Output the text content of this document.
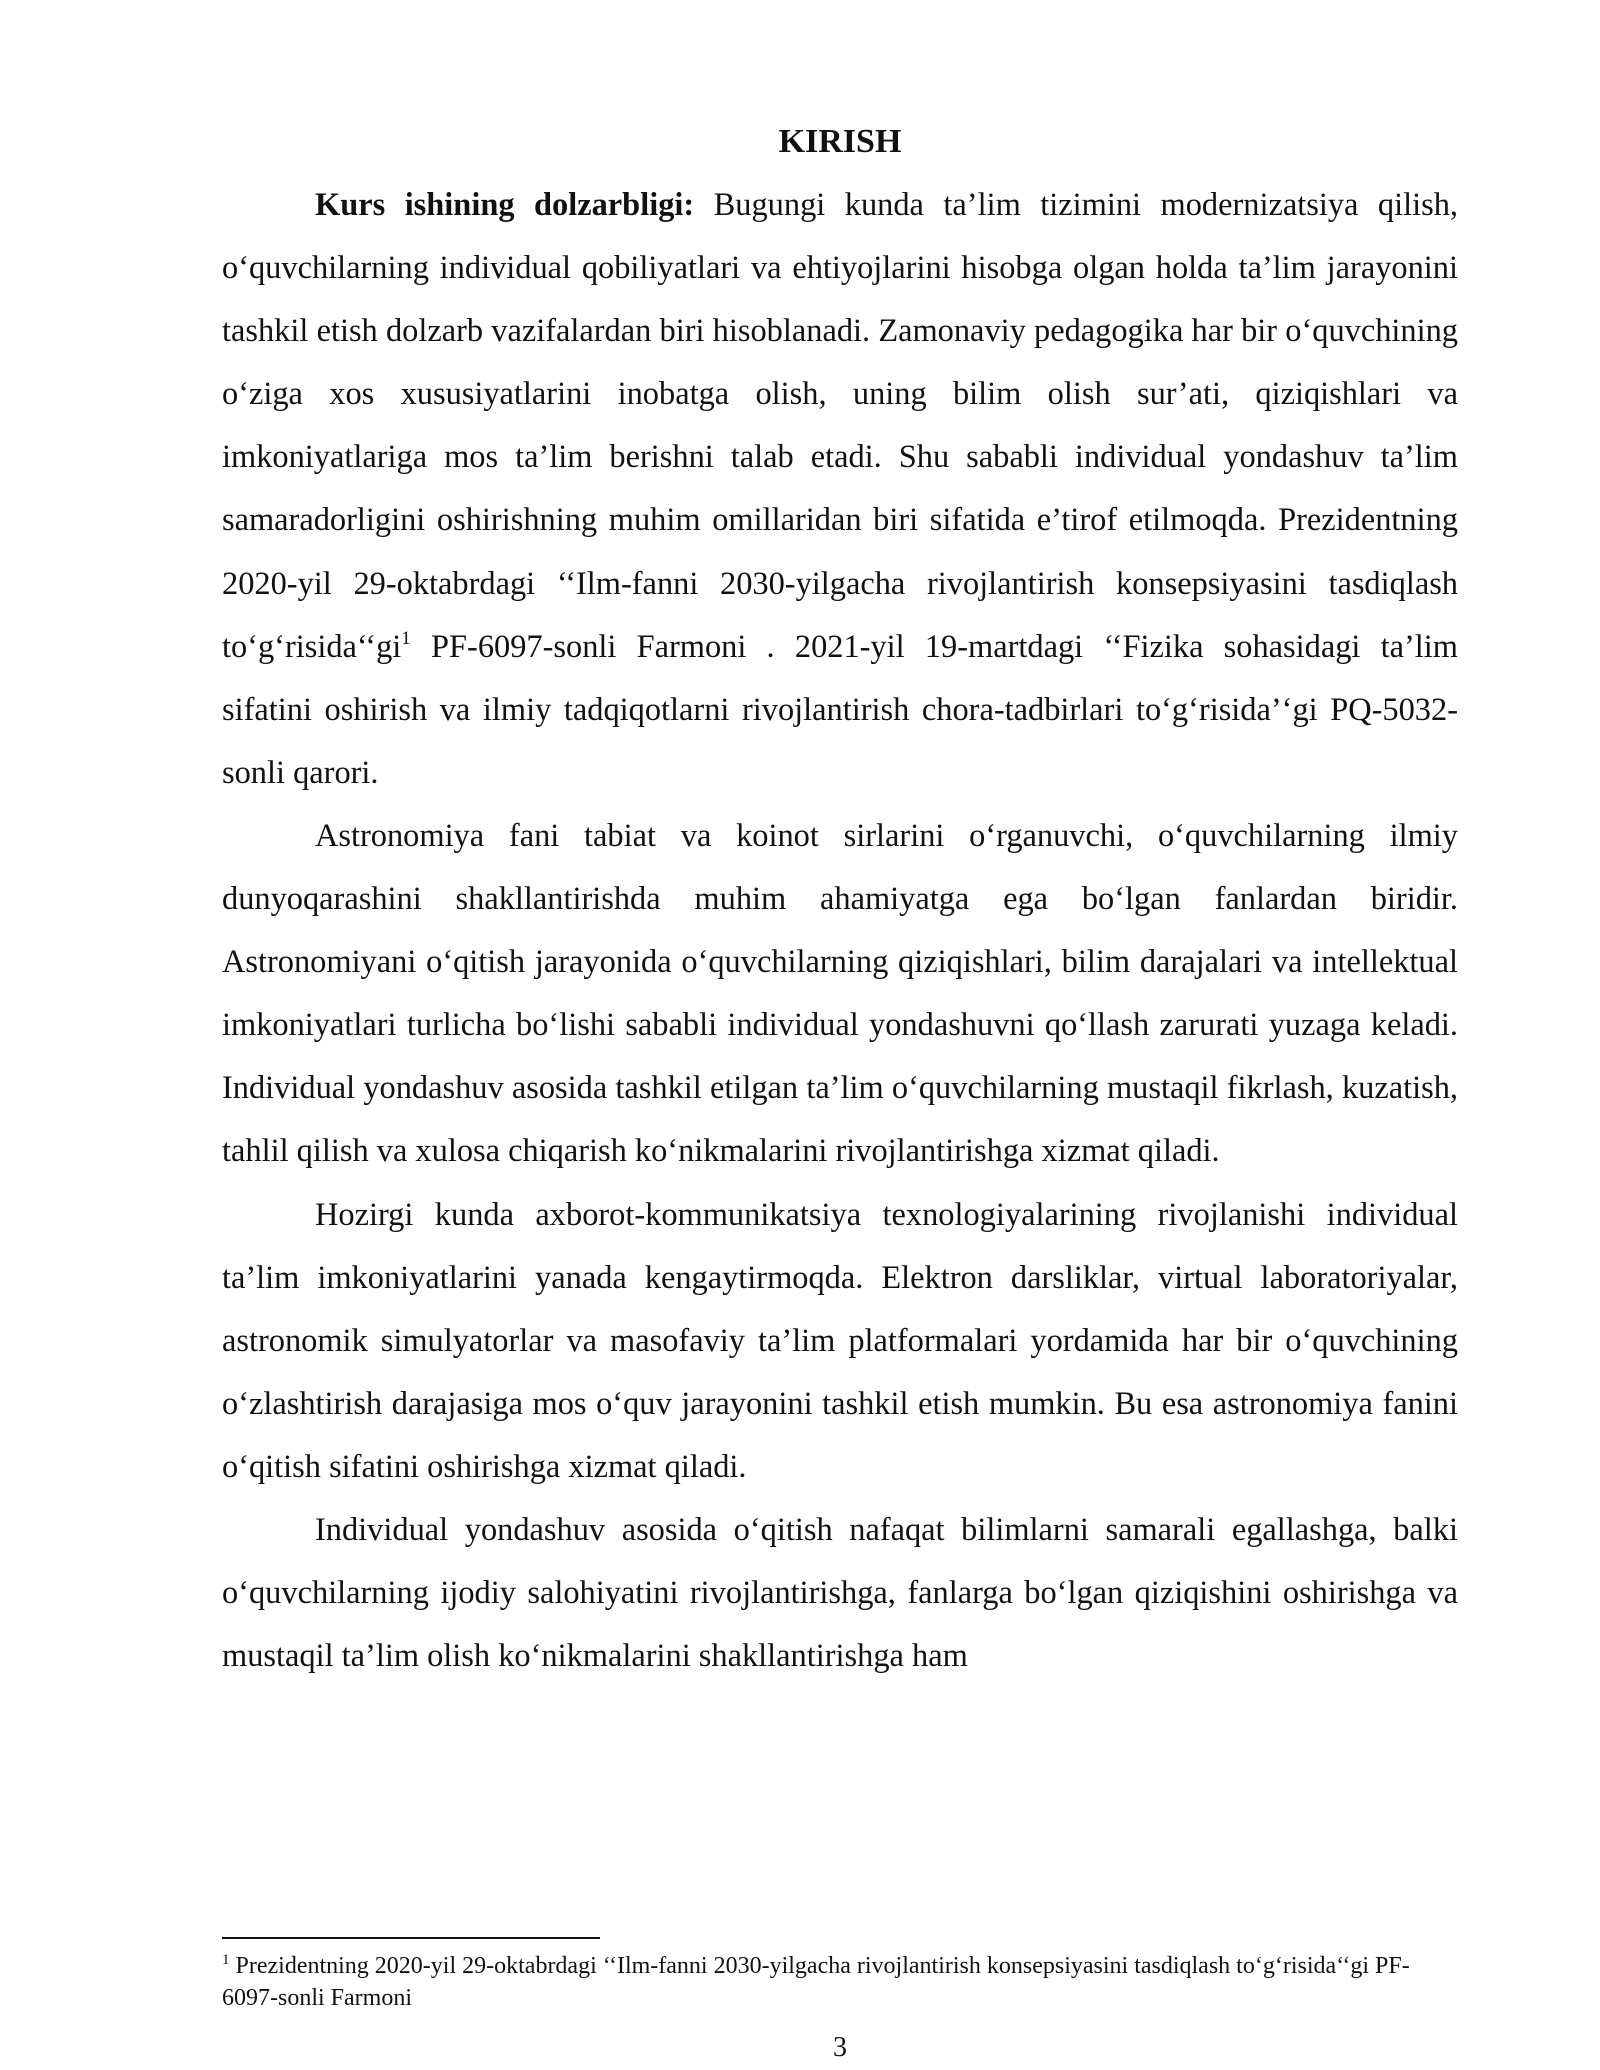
KIRISH

Kurs ishining dolzarbligi: Bugungi kunda ta’lim tizimini modernizatsiya qilish, o‘quvchilarning individual qobiliyatlari va ehtiyojlarini hisobga olgan holda ta’lim jarayonini tashkil etish dolzarb vazifalardan biri hisoblanadi. Zamonaviy pedagogika har bir o‘quvchining o‘ziga xos xususiyatlarini inobatga olish, uning bilim olish sur’ati, qiziqishlari va imkoniyatlariga mos ta’lim berishni talab etadi. Shu sababli individual yondashuv ta’lim samaradorligini oshirishning muhim omillaridan biri sifatida e’tirof etilmoqda. Prezidentning 2020-yil 29-oktabrdagi ‘‘Ilm-fanni 2030-yilgacha rivojlantirish konsepsiyasini tasdiqlash $to‘g‘risida‘‘gi^1$ PF-6097-sonli Farmoni . 2021-yil 19-martdagi ‘‘Fizika sohasidagi ta’lim sifatini oshirish va ilmiy tadqiqotlarni rivojlantirish chora-tadbirlari to‘g‘risida’‘gi PQ-5032-sonli qarori.

Astronomiya fani tabiat va koinot sirlarini o‘rganuvchi, o‘quvchilarning ilmiy dunyoqarashini shakllantirishda muhim ahamiyatga ega bo‘lgan fanlardan biridir. Astronomiyani o‘qitish jarayonida o‘quvchilarning qiziqishlari, bilim darajalari va intellektual imkoniyatlari turlicha bo‘lishi sababli individual yondashuvni qo‘llash zarurati yuzaga keladi. Individual yondashuv asosida tashkil etilgan ta’lim o‘quvchilarning mustaqil fikrlash, kuzatish, tahlil qilish va xulosa chiqarish ko‘nikmalarini rivojlantirishga xizmat qiladi.

Hozirgi kunda axborot-kommunikatsiya texnologiyalarining rivojlanishi individual ta’lim imkoniyatlarini yanada kengaytirmoqda. Elektron darsliklar, virtual laboratoriyalar, astronomik simulyatorlar va masofaviy ta’lim platformalari yordamida har bir o‘quvchining o‘zlashtirish darajasiga mos o‘quv jarayonini tashkil etish mumkin. Bu esa astronomiya fanini o‘qitish sifatini oshirishga xizmat qiladi.

Individual yondashuv asosida o‘qitish nafaqat bilimlarni samarali egallashga, balki o‘quvchilarning ijodiy salohiyatini rivojlantirishga, fanlarga bo‘lgan qiziqishini oshirishga va mustaqil ta’lim olish ko‘nikmalarini shakllantirishga ham

$^1$ Prezidentning 2020-yil 29-oktabrdagi ‘‘Ilm-fanni 2030-yilgacha rivojlantirish konsepsiyasini tasdiqlash to‘g‘risida‘‘gi PF-6097-sonli Farmoni
3
